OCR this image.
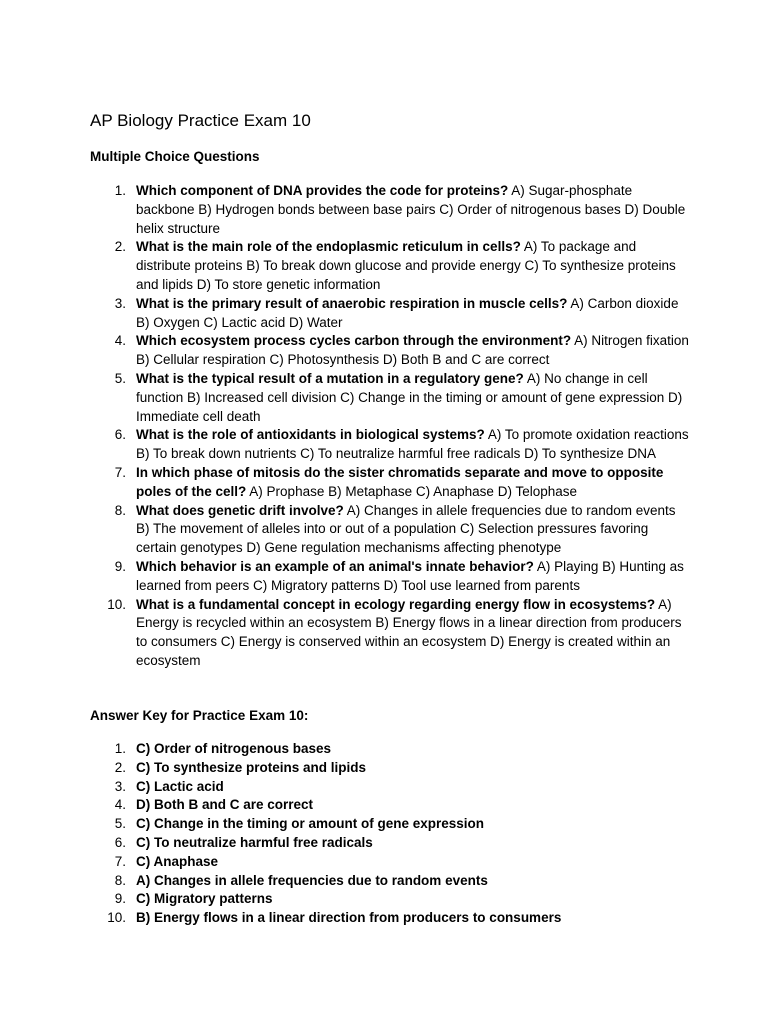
AP Biology Practice Exam 10
Multiple Choice Questions
1. Which component of DNA provides the code for proteins? A) Sugar-phosphate backbone B) Hydrogen bonds between base pairs C) Order of nitrogenous bases D) Double helix structure
2. What is the main role of the endoplasmic reticulum in cells? A) To package and distribute proteins B) To break down glucose and provide energy C) To synthesize proteins and lipids D) To store genetic information
3. What is the primary result of anaerobic respiration in muscle cells? A) Carbon dioxide B) Oxygen C) Lactic acid D) Water
4. Which ecosystem process cycles carbon through the environment? A) Nitrogen fixation B) Cellular respiration C) Photosynthesis D) Both B and C are correct
5. What is the typical result of a mutation in a regulatory gene? A) No change in cell function B) Increased cell division C) Change in the timing or amount of gene expression D) Immediate cell death
6. What is the role of antioxidants in biological systems? A) To promote oxidation reactions B) To break down nutrients C) To neutralize harmful free radicals D) To synthesize DNA
7. In which phase of mitosis do the sister chromatids separate and move to opposite poles of the cell? A) Prophase B) Metaphase C) Anaphase D) Telophase
8. What does genetic drift involve? A) Changes in allele frequencies due to random events B) The movement of alleles into or out of a population C) Selection pressures favoring certain genotypes D) Gene regulation mechanisms affecting phenotype
9. Which behavior is an example of an animal's innate behavior? A) Playing B) Hunting as learned from peers C) Migratory patterns D) Tool use learned from parents
10. What is a fundamental concept in ecology regarding energy flow in ecosystems? A) Energy is recycled within an ecosystem B) Energy flows in a linear direction from producers to consumers C) Energy is conserved within an ecosystem D) Energy is created within an ecosystem
Answer Key for Practice Exam 10:
1. C) Order of nitrogenous bases
2. C) To synthesize proteins and lipids
3. C) Lactic acid
4. D) Both B and C are correct
5. C) Change in the timing or amount of gene expression
6. C) To neutralize harmful free radicals
7. C) Anaphase
8. A) Changes in allele frequencies due to random events
9. C) Migratory patterns
10. B) Energy flows in a linear direction from producers to consumers
